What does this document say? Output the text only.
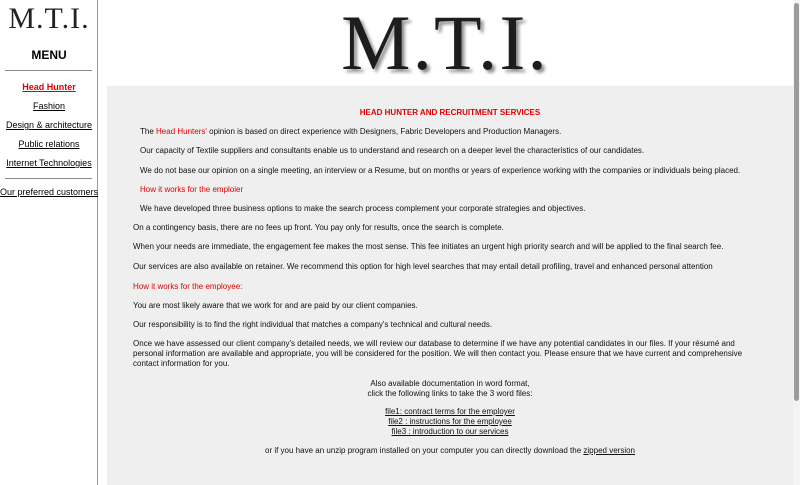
M.T.I.
MENU
Head Hunter
Fashion
Design & architecture
Public relations
Internet Technologies
Our preferred customers
M.T.I.
HEAD HUNTER AND RECRUITMENT SERVICES
The Head Hunters' opinion is based on direct experience with Designers, Fabric Developers and Production Managers.
Our capacity of Textile suppliers and consultants enable us to understand and research on a deeper level the characteristics of our candidates.
We do not base our opinion on a single meeting, an interview or a Resume, but on months or years of experience working with the companies or individuals being placed.
How it works for the emploier
We have developed three business options to make the search process complement your corporate strategies and objectives.
On a contingency basis, there are no fees up front. You pay only for results, once the search is complete.
When your needs are immediate, the engagement fee makes the most sense. This fee initiates an urgent high priority search and will be applied to the final search fee.
Our services are also available on retainer. We recommend this option for high level searches that may entail detail profiling, travel and enhanced personal attention
How it works for the employee:
You are most likely aware that we work for and are paid by our client companies.
Our responsibility is to find the right individual that matches a company's technical and cultural needs.
Once we have assessed our client company's detailed needs, we will review our database to determine if we have any potential candidates in our files. If your résumé and
personal information are available and appropriate, you will be considered for the position. We will then contact you. Please ensure that we have current and comprehensive
contact information for you.
Also available documentation in word format,
click the following links to take the 3 word files:
file1: contract terms for the employer
file2 : instructions for the employee
file3 : introduction to our services
or if you have an unzip program installed on your computer you can directly download the zipped version
